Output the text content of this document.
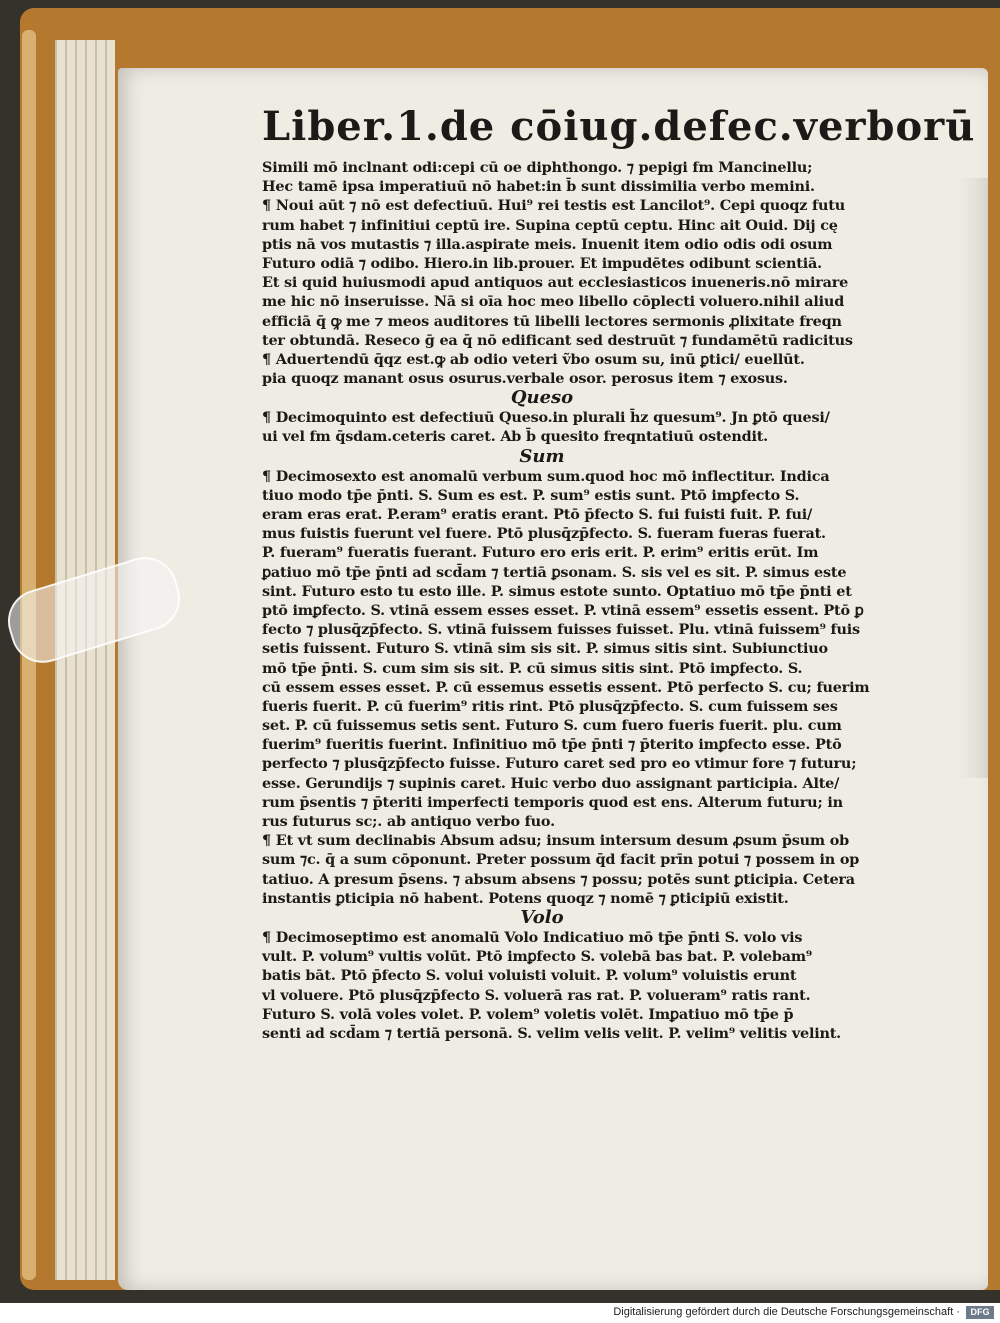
Liber.1.de cōiug.defec.verborū
Simili mō inclnant odi:cepi cū oe diphthongo. ⁊ pepigi fm Mancinellu;
Hec tamē ipsa imperatiuū nō habet:in b̄ sunt dissimilia verbo memini.
¶ Noui aūt ⁊ nō est defectiuū. Hui⁹ rei testis est Lancilot⁹. Cepi quoqz futu
rum habet ⁊ infinitiui ceptū ire. Supina ceptū ceptu. Hinc ait Ouid. Dij cę
ptis nā vos mutastis ⁊ illa.aspirate meis. Inuenit item odio odis odi osum
Futuro odiā ⁊ odibo. Hiero.in lib.prouer. Et impudētes odibunt scientiā.
Et si quid huiusmodi apud antiquos aut ecclesiasticos inueneris.nō mirare
me hic nō inseruisse. Nā si oīa hoc meo libello cōplecti voluero.nihil aliud
efficiā q̄ ꝙ me ⁊ meos auditores tū libelli lectores sermonis ꝓlixitate freqn
ter obtundā. Reseco ḡ ea q̄ nō edificant sed destruūt ⁊ fundamētū radicitus
¶ Aduertendū q̄qz est.ꝙ ab odio veteri ṽbo osum su, inū ꝑtici/ euellūt.
pia quoqz manant osus osurus.verbale osor. perosus item ⁊ exosus.
Queso
¶ Decimoquinto est defectiuū Queso.in plurali h̄z quesum⁹. Jn ꝑtō quesi/
ui vel fm q̄sdam.ceteris caret. Ab b̄ quesito freqntatiuū ostendit.
Sum
¶ Decimosexto est anomalū verbum sum.quod hoc mō inflectitur. Indica
tiuo modo tp̄e p̄nti. S. Sum es est. P. sum⁹ estis sunt. Ptō imꝑfecto S.
eram eras erat. P.eram⁹ eratis erant. Ptō p̄fecto S. fui fuisti fuit. P. fui/
mus fuistis fuerunt vel fuere. Ptō plusq̄zp̄fecto. S. fueram fueras fuerat.
P. fueram⁹ fueratis fuerant. Futuro ero eris erit. P. erim⁹ eritis erūt. Im
ꝑatiuo mō tp̄e p̄nti ad scd̄am ⁊ tertiā ꝑsonam. S. sis vel es sit. P. simus este
sint. Futuro esto tu esto ille. P. simus estote sunto. Optatiuo mō tp̄e p̄nti et
ptō imꝑfecto. S. vtinā essem esses esset. P. vtinā essem⁹ essetis essent. Ptō ꝑ
fecto ⁊ plusq̄zp̄fecto. S. vtinā fuissem fuisses fuisset. Plu. vtinā fuissem⁹ fuis
setis fuissent. Futuro S. vtinā sim sis sit. P. simus sitis sint. Subiunctiuo
mō tp̄e p̄nti. S. cum sim sis sit. P. cū simus sitis sint. Ptō imꝑfecto. S.
cū essem esses esset. P. cū essemus essetis essent. Ptō perfecto S. cu; fuerim
fueris fuerit. P. cū fuerim⁹ ritis rint. Ptō plusq̄zp̄fecto. S. cum fuissem ses
set. P. cū fuissemus setis sent. Futuro S. cum fuero fueris fuerit. plu. cum
fuerim⁹ fueritis fuerint. Infinitiuo mō tp̄e p̄nti ⁊ p̄terito imꝑfecto esse. Ptō
perfecto ⁊ plusq̄zp̄fecto fuisse. Futuro caret sed pro eo vtimur fore ⁊ futuru;
esse. Gerundijs ⁊ supinis caret. Huic verbo duo assignant participia. Alte/
rum p̄sentis ⁊ p̄teriti imperfecti temporis quod est ens. Alterum futuru; in
rus futurus sc;. ab antiquo verbo fuo.
¶ Et vt sum declinabis Absum adsu; insum intersum desum ꝓsum p̄sum ob
sum ⁊c. q̄ a sum cōponunt. Preter possum q̄d facit prīn potui ⁊ possem in op
tatiuo. A presum p̄sens. ⁊ absum absens ⁊ possu; potēs sunt ꝑticipia. Cetera
instantis ꝑticipia nō habent. Potens quoqz ⁊ nomē ⁊ ꝑticipiū existit.
Volo
¶ Decimoseptimo est anomalū Volo Indicatiuo mō tp̄e p̄nti S. volo vis
vult. P. volum⁹ vultis volūt. Ptō imꝑfecto S. volebā bas bat. P. volebam⁹
batis bāt. Ptō p̄fecto S. volui voluisti voluit. P. volum⁹ voluistis erunt
vl voluere. Ptō plusq̄zp̄fecto S. voluerā ras rat. P. volueram⁹ ratis rant.
Futuro S. volā voles volet. P. volem⁹ voletis volēt. Imꝑatiuo mō tp̄e p̄
senti ad scd̄am ⁊ tertiā personā. S. velim velis velit. P. velim⁹ velitis velint.
Digitalisierung gefördert durch die Deutsche Forschungsgemeinschaft ·	DFG
